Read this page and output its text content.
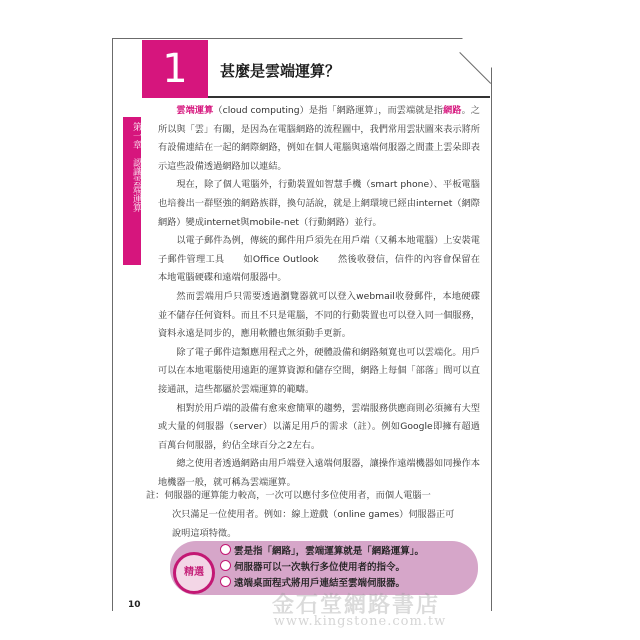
1	甚麼是雲端運算？
第一章　認識雲端運算

雲端運算（cloud computing）是指「網路運算」，而雲端就是指網路。之所以與「雲」有關，是因為在電腦網路的流程圖中，我們常用雲狀圖來表示將所有設備連結在一起的網際網路，例如在個人電腦與遠端伺服器之間畫上雲朵即表示這些設備透過網路加以連結。

現在，除了個人電腦外，行動裝置如智慧手機（smart phone）、平板電腦也培養出一群堅強的網路族群，換句話說，就是上網環境已經由internet（網際網路）變成internet與mobile-net（行動網路）並行。

以電子郵件為例，傳統的郵件用戶須先在用戶端（又稱本地電腦）上安裝電子郵件管理工具　　如Office Outlook　　然後收發信，信件的內容會保留在本地電腦硬碟和遠端伺服器中。

然而雲端用戶只需要透過瀏覽器就可以登入webmail收發郵件，本地硬碟並不儲存任何資料。而且不只是電腦，不同的行動裝置也可以登入同一個服務，資料永遠是同步的，應用軟體也無須動手更新。

除了電子郵件這類應用程式之外，硬體設備和網路頻寬也可以雲端化。用戶可以在本地電腦使用遠距的運算資源和儲存空間，網路上每個「部落」間可以直接通訊，這些都屬於雲端運算的範疇。

相對於用戶端的設備有愈來愈簡單的趨勢，雲端服務供應商則必須擁有大型或大量的伺服器（server）以滿足用戶的需求（註）。例如Google即擁有超過百萬台伺服器，約佔全球百分之2左右。

總之使用者透過網路由用戶端登入遠端伺服器，讓操作遠端機器如同操作本地機器一般，就可稱為雲端運算。

註：伺服器的運算能力較高，一次可以應付多位使用者，而個人電腦一
次只滿足一位使用者。例如：線上遊戲（online games）伺服器正可
說明這項特徵。
精選
雲是指「網路」，雲端運算就是「網路運算」。
伺服器可以一次執行多位使用者的指令。
遠端桌面程式將用戶連結至雲端伺服器。
10	金石堂網路書店
www.kingstone.com.tw
